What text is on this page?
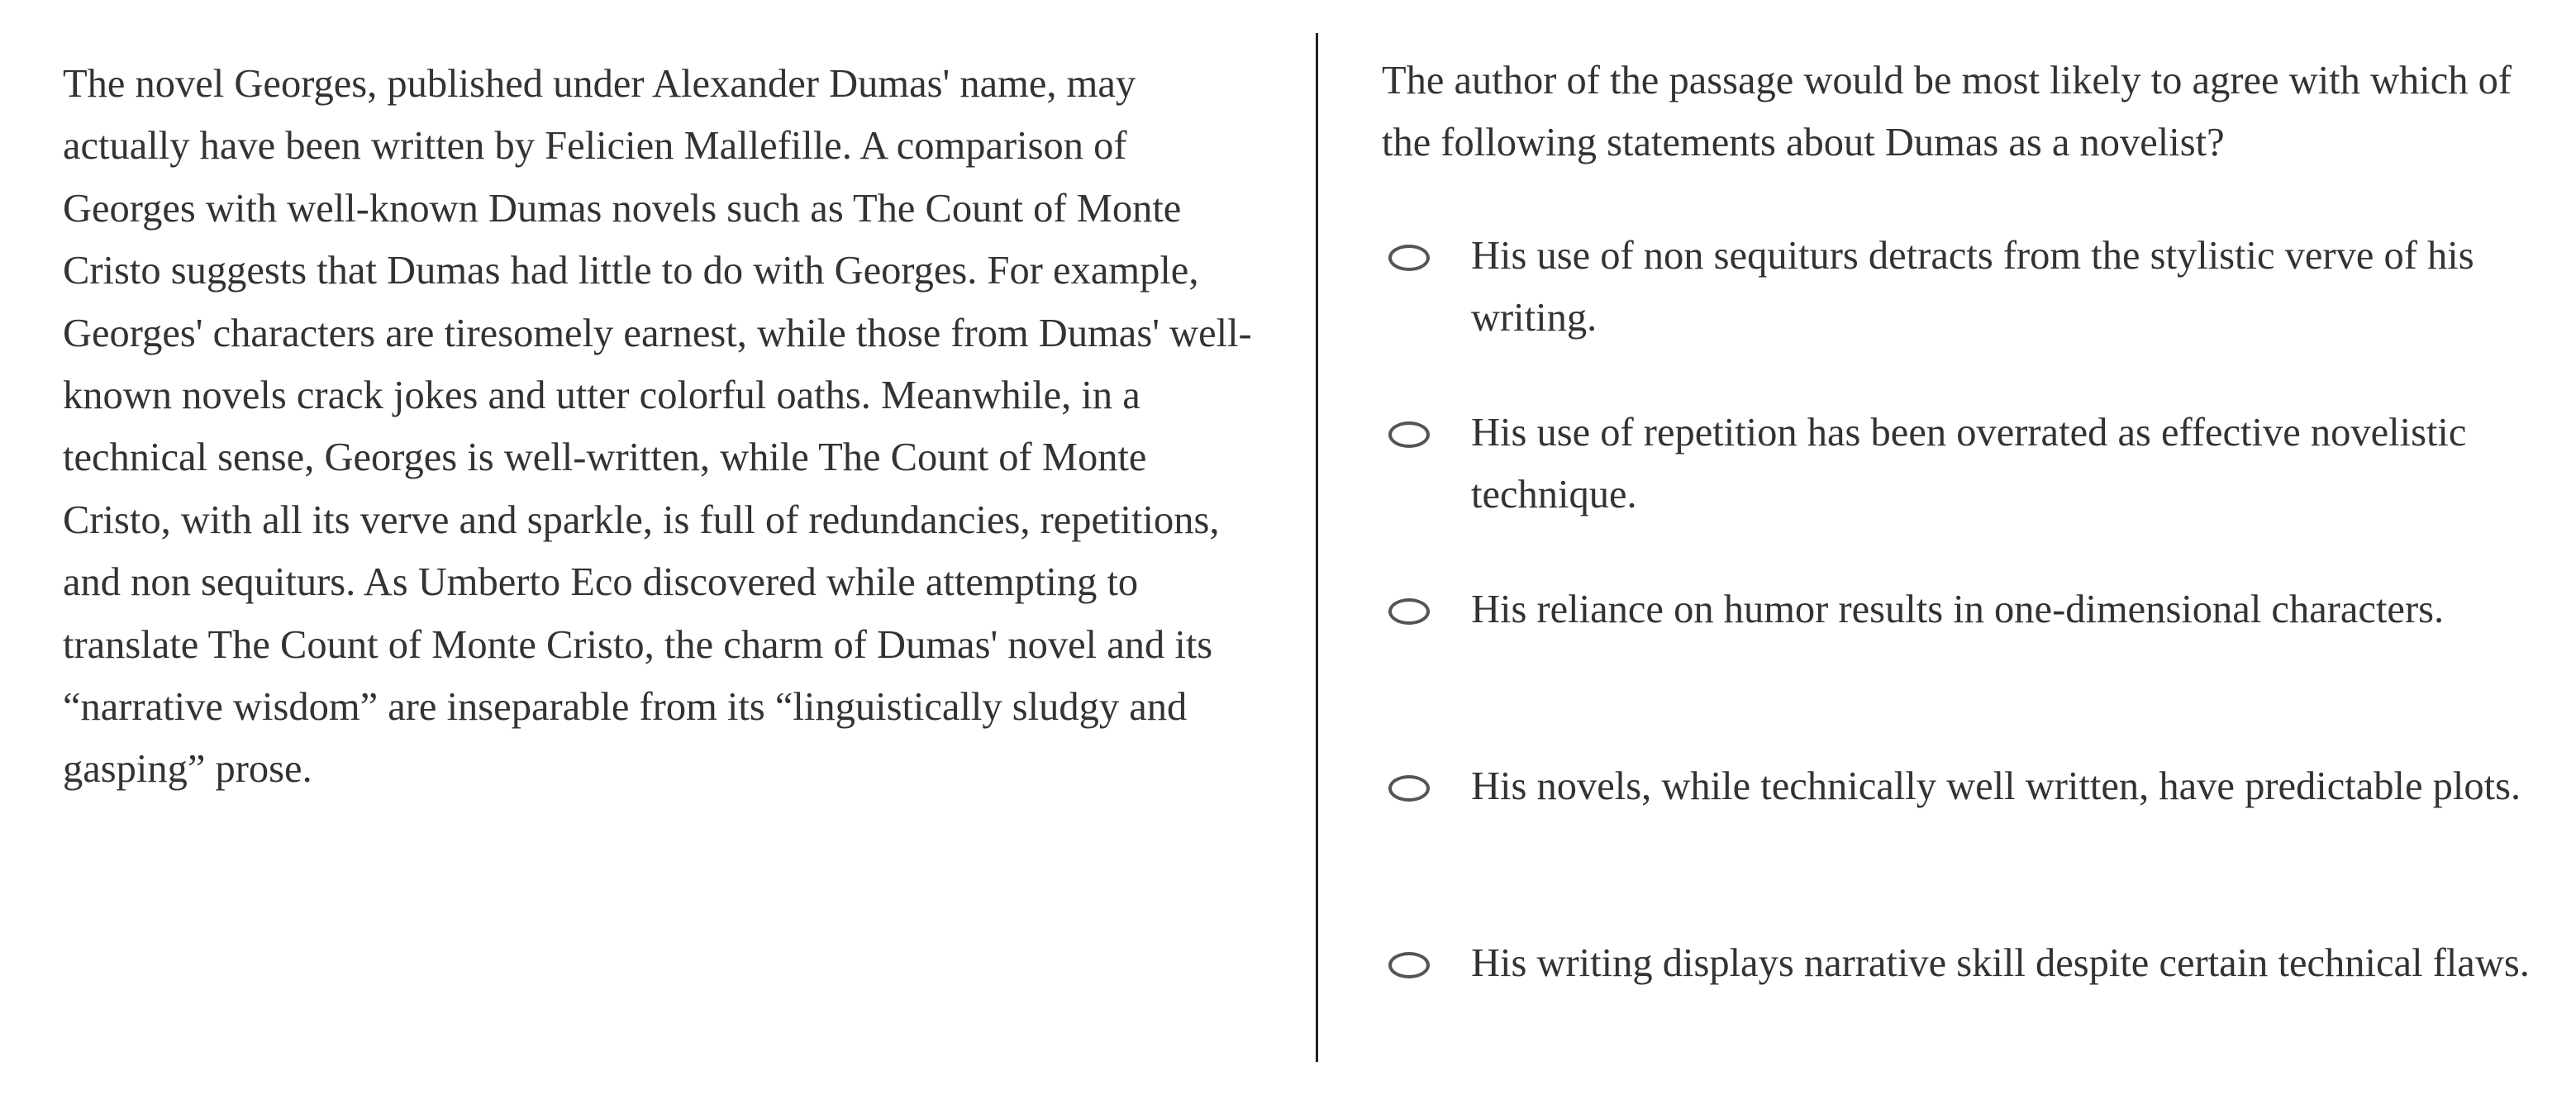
The novel Georges, published under Alexander Dumas' name, may actually have been written by Felicien Mallefille. A comparison of Georges with well-known Dumas novels such as The Count of Monte Cristo suggests that Dumas had little to do with Georges. For example, Georges' characters are tiresomely earnest, while those from Dumas' well-known novels crack jokes and utter colorful oaths. Meanwhile, in a technical sense, Georges is well-written, while The Count of Monte Cristo, with all its verve and sparkle, is full of redundancies, repetitions, and non sequiturs. As Umberto Eco discovered while attempting to translate The Count of Monte Cristo, the charm of Dumas' novel and its “narrative wisdom” are inseparable from its “linguistically sludgy and gasping” prose.

The author of the passage would be most likely to agree with which of the following statements about Dumas as a novelist?

His use of non sequiturs detracts from the stylistic verve of his writing.
His use of repetition has been overrated as effective novelistic technique.
His reliance on humor results in one-dimensional characters.
His novels, while technically well written, have predictable plots.
His writing displays narrative skill despite certain technical flaws.
